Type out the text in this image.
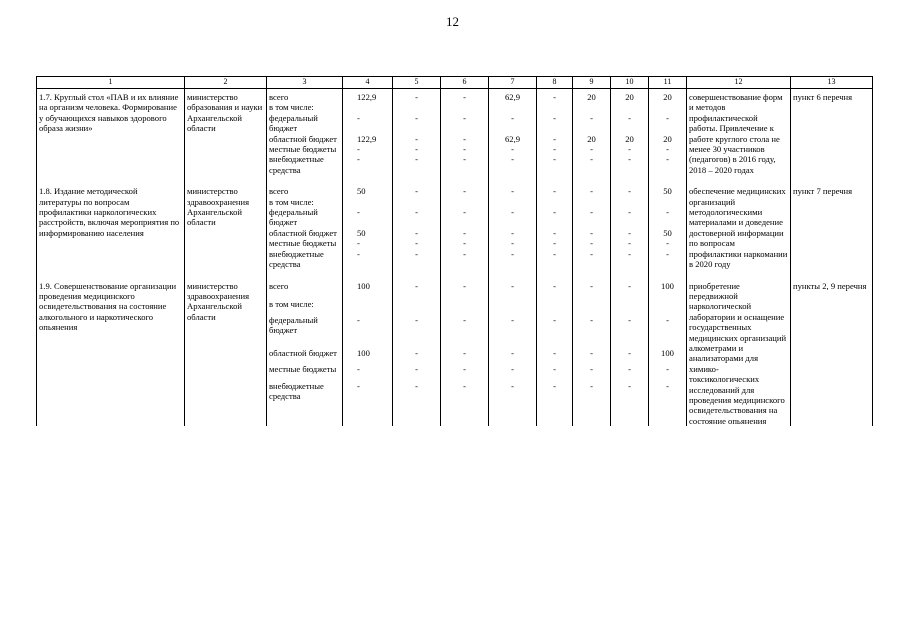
12
1	2	3	4	5	6	7	8	9	10	11	12	13
1.7. Круглый стол «ПАВ и их влияние на организм человека. Формирование у обучающихся навыков здорового образа жизни»	министерство образования и науки Архангельской области	всего	122,9	-	-	62,9	-	20	20	20	совершенствование форм и методов профилактической работы. Привлечение к работе круглого стола не менее 30 участников (педагогов) в 2016 году, 2018 – 2020 годах	пункт 6 перечня
		в том числе:										
		федеральный бюджет	-	-	-	-	-	-	-	-		
		областной бюджет	122,9	-	-	62,9	-	20	20	20		
		местные бюджеты	-	-	-	-	-	-	-	-		
		внебюджетные средства	-	-	-	-	-	-	-	-		
1.8. Издание методической литературы по вопросам профилактики наркологических расстройств, включая мероприятия по информированию населения	министерство здравоохранения Архангельской области	всего	50	-	-	-	-	-	-	50	обеспечение медицинских организаций методологическими материалами и доведение достоверной информации по вопросам профилактики наркомании в 2020 году	пункт 7 перечня
		в том числе:										
		федеральный бюджет	-	-	-	-	-	-	-	-		
		областной бюджет	50	-	-	-	-	-	-	50		
		местные бюджеты	-	-	-	-	-	-	-	-		
		внебюджетные средства	-	-	-	-	-	-	-	-		
1.9. Совершенствование организации проведения медицинского освидетельствования на состояние алкогольного и наркотического опьянения	министерство здравоохранения Архангельской области	всего	100	-	-	-	-	-	-	100	приобретение передвижной наркологической лаборатории и оснащение государственных медицинских организаций алкометрами и анализаторами для химико-токсикологических исследований для проведения медицинского освидетельствования на состояние опьянения	пункты 2, 9 перечня
		в том числе:										
		федеральный бюджет	-	-	-	-	-	-	-	-		
		областной бюджет	100	-	-	-	-	-	-	100		
		местные бюджеты	-	-	-	-	-	-	-	-		
		внебюджетные средства	-	-	-	-	-	-	-	-		
